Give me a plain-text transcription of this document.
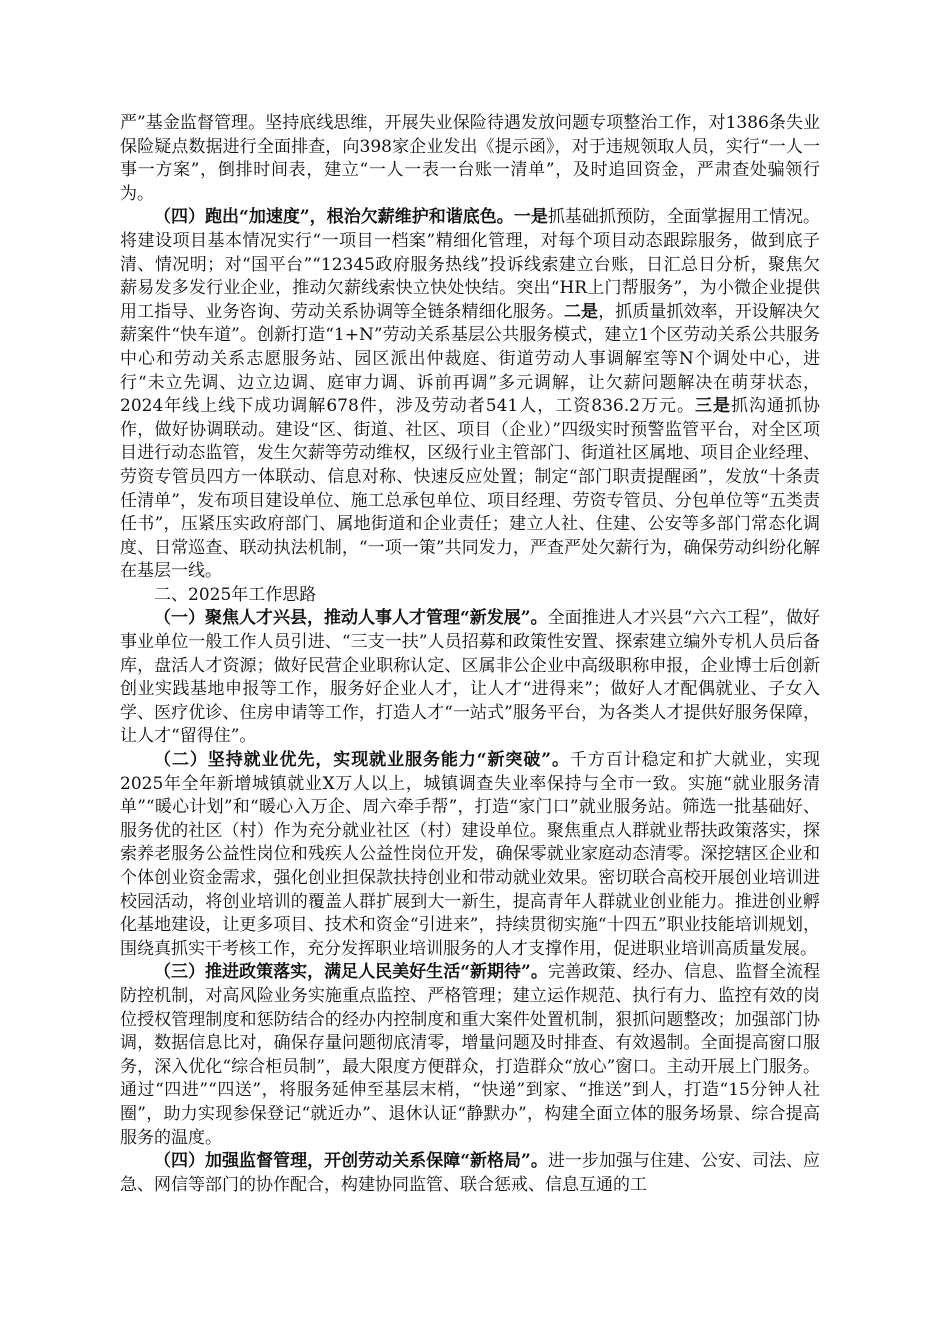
严”基金监督管理。坚持底线思维，开展失业保险待遇发放问题专项整治工作，对1386条失业保险疑点数据进行全面排查，向398家企业发出《提示函》，对于违规领取人员，实行“一人一事一方案”，倒排时间表，建立“一人一表一台账一清单”，及时追回资金，严肃查处骗领行为。

（四）跑出“加速度”，根治欠薪维护和谐底色。一是抓基础抓预防，全面掌握用工情况。将建设项目基本情况实行“一项目一档案”精细化管理，对每个项目动态跟踪服务，做到底子清、情况明；对“国平台”“12345政府服务热线”投诉线索建立台账，日汇总日分析，聚焦欠薪易发多发行业企业，推动欠薪线索快立快处快结。突出“HR上门帮服务”，为小微企业提供用工指导、业务咨询、劳动关系协调等全链条精细化服务。二是，抓质量抓效率，开设解决欠薪案件“快车道”。创新打造“1+N”劳动关系基层公共服务模式，建立1个区劳动关系公共服务中心和劳动关系志愿服务站、园区派出仲裁庭、街道劳动人事调解室等N个调处中心，进行“未立先调、边立边调、庭审力调、诉前再调”多元调解，让欠薪问题解决在萌芽状态，2024年线上线下成功调解678件，涉及劳动者541人，工资836.2万元。三是抓沟通抓协作，做好协调联动。建设“区、街道、社区、项目（企业）”四级实时预警监管平台，对全区项目进行动态监管，发生欠薪等劳动维权，区级行业主管部门、街道社区属地、项目企业经理、劳资专管员四方一体联动、信息对称、快速反应处置；制定“部门职责提醒函”，发放“十条责任清单”，发布项目建设单位、施工总承包单位、项目经理、劳资专管员、分包单位等“五类责任书”，压紧压实政府部门、属地街道和企业责任；建立人社、住建、公安等多部门常态化调度、日常巡查、联动执法机制，“一项一策”共同发力，严查严处欠薪行为，确保劳动纠纷化解在基层一线。

二、2025年工作思路

（一）聚焦人才兴县，推动人事人才管理“新发展”。全面推进人才兴县“六六工程”，做好事业单位一般工作人员引进、“三支一扶”人员招募和政策性安置、探索建立编外专机人员后备库，盘活人才资源；做好民营企业职称认定、区属非公企业中高级职称申报，企业博士后创新创业实践基地申报等工作，服务好企业人才，让人才“进得来”；做好人才配偶就业、子女入学、医疗优诊、住房申请等工作，打造人才“一站式”服务平台，为各类人才提供好服务保障，让人才“留得住”。

（二）坚持就业优先，实现就业服务能力“新突破”。千方百计稳定和扩大就业，实现2025年全年新增城镇就业X万人以上，城镇调查失业率保持与全市一致。实施“就业服务清单”“暖心计划”和“暖心入万企、周六牵手帮”，打造“家门口”就业服务站。筛选一批基础好、服务优的社区（村）作为充分就业社区（村）建设单位。聚焦重点人群就业帮扶政策落实，探索养老服务公益性岗位和残疾人公益性岗位开发，确保零就业家庭动态清零。深挖辖区企业和个体创业资金需求，强化创业担保款扶持创业和带动就业效果。密切联合高校开展创业培训进校园活动，将创业培训的覆盖人群扩展到大一新生，提高青年人群就业创业能力。推进创业孵化基地建设，让更多项目、技术和资金“引进来”，持续贯彻实施“十四五”职业技能培训规划，围绕真抓实干考核工作，充分发挥职业培训服务的人才支撑作用，促进职业培训高质量发展。

（三）推进政策落实，满足人民美好生活“新期待”。完善政策、经办、信息、监督全流程防控机制，对高风险业务实施重点监控、严格管理；建立运作规范、执行有力、监控有效的岗位授权管理制度和惩防结合的经办内控制度和重大案件处置机制，狠抓问题整改；加强部门协调，数据信息比对，确保存量问题彻底清零，增量问题及时排查、有效遏制。全面提高窗口服务，深入优化“综合柜员制”，最大限度方便群众，打造群众“放心”窗口。主动开展上门服务。通过“四进”“四送”，将服务延伸至基层末梢，“快递”到家、“推送”到人，打造“15分钟人社圈”，助力实现参保登记“就近办”、退休认证“静默办”，构建全面立体的服务场景、综合提高服务的温度。

（四）加强监督管理，开创劳动关系保障“新格局”。进一步加强与住建、公安、司法、应急、网信等部门的协作配合，构建协同监管、联合惩戒、信息互通的工
